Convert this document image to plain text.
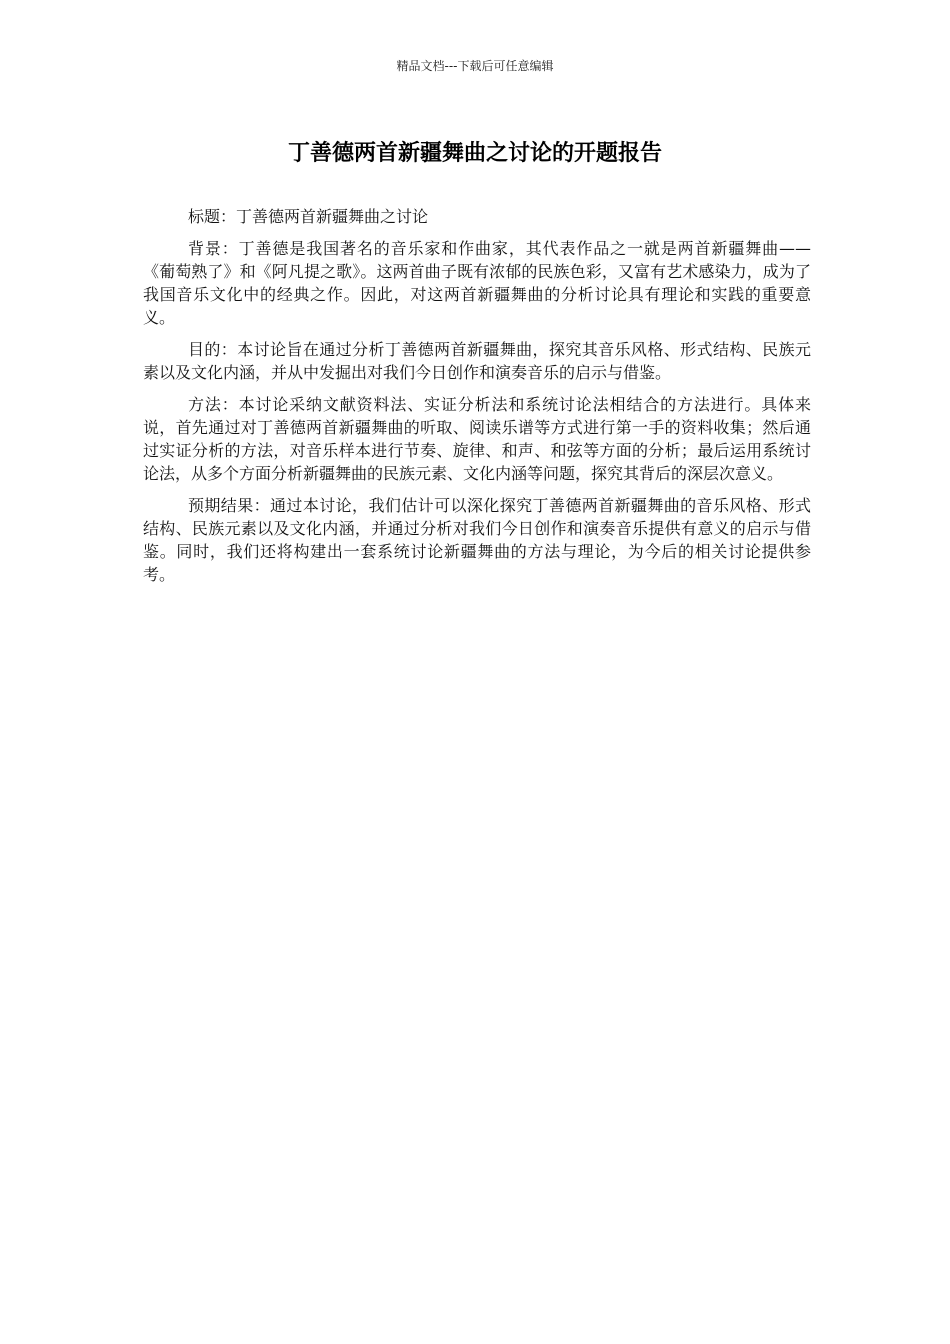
精品文档---下载后可任意编辑
丁善德两首新疆舞曲之讨论的开题报告

标题：丁善德两首新疆舞曲之讨论

背景：丁善德是我国著名的音乐家和作曲家，其代表作品之一就是两首新疆舞曲——《葡萄熟了》和《阿凡提之歌》。这两首曲子既有浓郁的民族色彩，又富有艺术感染力，成为了我国音乐文化中的经典之作。因此，对这两首新疆舞曲的分析讨论具有理论和实践的重要意义。

目的：本讨论旨在通过分析丁善德两首新疆舞曲，探究其音乐风格、形式结构、民族元素以及文化内涵，并从中发掘出对我们今日创作和演奏音乐的启示与借鉴。

方法：本讨论采纳文献资料法、实证分析法和系统讨论法相结合的方法进行。具体来说，首先通过对丁善德两首新疆舞曲的听取、阅读乐谱等方式进行第一手的资料收集；然后通过实证分析的方法，对音乐样本进行节奏、旋律、和声、和弦等方面的分析；最后运用系统讨论法，从多个方面分析新疆舞曲的民族元素、文化内涵等问题，探究其背后的深层次意义。

预期结果：通过本讨论，我们估计可以深化探究丁善德两首新疆舞曲的音乐风格、形式结构、民族元素以及文化内涵，并通过分析对我们今日创作和演奏音乐提供有意义的启示与借鉴。同时，我们还将构建出一套系统讨论新疆舞曲的方法与理论，为今后的相关讨论提供参考。
